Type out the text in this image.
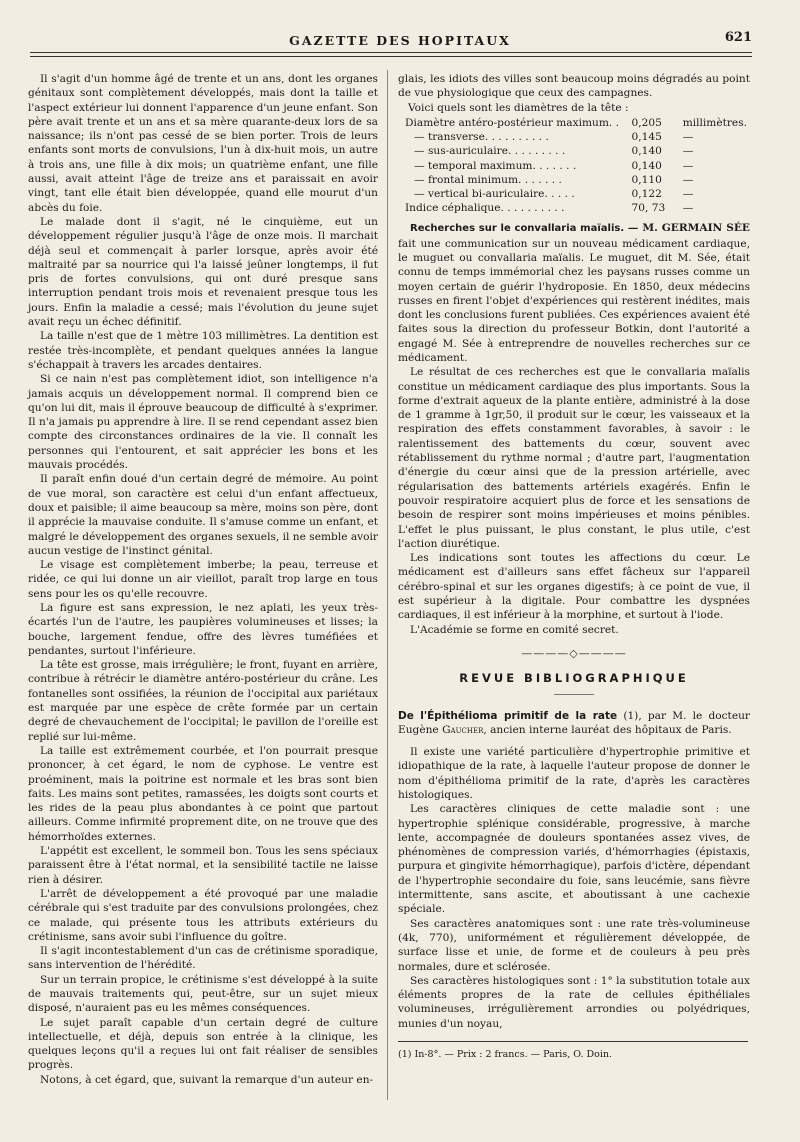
GAZETTE DES HOPITAUX	621

Il s'agit d'un homme âgé de trente et un ans, dont les organes génitaux sont complètement développés, mais dont la taille et l'aspect extérieur lui donnent l'apparence d'un jeune enfant. Son père avait trente et un ans et sa mère quarante-deux lors de sa naissance; ils n'ont pas cessé de se bien porter. Trois de leurs enfants sont morts de convulsions, l'un à dix-huit mois, un autre à trois ans, une fille à dix mois; un quatrième enfant, une fille aussi, avait atteint l'âge de treize ans et paraissait en avoir vingt, tant elle était bien développée, quand elle mourut d'un abcès du foie.

Le malade dont il s'agit, né le cinquième, eut un développement régulier jusqu'à l'âge de onze mois. Il marchait déjà seul et commençait à parler lorsque, après avoir été maltraité par sa nourrice qui l'a laissé jeûner longtemps, il fut pris de fortes convulsions, qui ont duré presque sans interruption pendant trois mois et revenaient presque tous les jours. Enfin la maladie a cessé; mais l'évolution du jeune sujet avait reçu un échec définitif.

La taille n'est que de 1 mètre 103 millimètres. La dentition est restée très-incomplète, et pendant quelques années la langue s'échappait à travers les arcades dentaires.

Si ce nain n'est pas complètement idiot, son intelligence n'a jamais acquis un développement normal. Il comprend bien ce qu'on lui dit, mais il éprouve beaucoup de difficulté à s'exprimer. Il n'a jamais pu apprendre à lire. Il se rend cependant assez bien compte des circonstances ordinaires de la vie. Il connaît les personnes qui l'entourent, et sait apprécier les bons et les mauvais procédés.

Il paraît enfin doué d'un certain degré de mémoire. Au point de vue moral, son caractère est celui d'un enfant affectueux, doux et paisible; il aime beaucoup sa mère, moins son père, dont il apprécie la mauvaise conduite. Il s'amuse comme un enfant, et malgré le développement des organes sexuels, il ne semble avoir aucun vestige de l'instinct génital.

Le visage est complètement imberbe; la peau, terreuse et ridée, ce qui lui donne un air vieillot, paraît trop large en tous sens pour les os qu'elle recouvre.

La figure est sans expression, le nez aplati, les yeux très-écartés l'un de l'autre, les paupières volumineuses et lisses; la bouche, largement fendue, offre des lèvres tuméfiées et pendantes, surtout l'inférieure.

La tête est grosse, mais irrégulière; le front, fuyant en arrière, contribue à rétrécir le diamètre antéro-postérieur du crâne. Les fontanelles sont ossifiées, la réunion de l'occipital aux pariétaux est marquée par une espèce de crête formée par un certain degré de chevauchement de l'occipital; le pavillon de l'oreille est replié sur lui-même.

La taille est extrêmement courbée, et l'on pourrait presque prononcer, à cet égard, le nom de cyphose. Le ventre est proéminent, mais la poitrine est normale et les bras sont bien faits. Les mains sont petites, ramassées, les doigts sont courts et les rides de la peau plus abondantes à ce point que partout ailleurs. Comme infirmité proprement dite, on ne trouve que des hémorrhoïdes externes.

L'appétit est excellent, le sommeil bon. Tous les sens spéciaux paraissent être à l'état normal, et la sensibilité tactile ne laisse rien à désirer.

L'arrêt de développement a été provoqué par une maladie cérébrale qui s'est traduite par des convulsions prolongées, chez ce malade, qui présente tous les attributs extérieurs du crétinisme, sans avoir subi l'influence du goître.

Il s'agit incontestablement d'un cas de crétinisme sporadique, sans intervention de l'hérédité.

Sur un terrain propice, le crétinisme s'est développé à la suite de mauvais traitements qui, peut-être, sur un sujet mieux disposé, n'auraient pas eu les mêmes conséquences.

Le sujet paraît capable d'un certain degré de culture intellectuelle, et déjà, depuis son entrée à la clinique, les quelques leçons qu'il a reçues lui ont fait réaliser de sensibles progrès.

Notons, à cet égard, que, suivant la remarque d'un auteur en-

glais, les idiots des villes sont beaucoup moins dégradés au point de vue physiologique que ceux des campagnes.

Voici quels sont les diamètres de la tête :

Diamètre antéro-postérieur maximum. .	0,205	millimètres.
— transverse. . . . . . . . . .	0,145	—
— sus-auriculaire. . . . . . . . .	0,140	—
— temporal maximum. . . . . . .	0,140	—
— frontal minimum. . . . . . .	0,110	—
— vertical bi-auriculaire. . . . .	0,122	—
Indice céphalique. . . . . . . . . .	70, 73	—

Recherches sur le convallaria maïalis. — M. GERMAIN SÉE fait une communication sur un nouveau médicament cardiaque, le muguet ou convallaria maïalis. Le muguet, dit M. Sée, était connu de temps immémorial chez les paysans russes comme un moyen certain de guérir l'hydroposie. En 1850, deux médecins russes en firent l'objet d'expériences qui restèrent inédites, mais dont les conclusions furent publiées. Ces expériences avaient été faites sous la direction du professeur Botkin, dont l'autorité a engagé M. Sée à entreprendre de nouvelles recherches sur ce médicament.

Le résultat de ces recherches est que le convallaria maïalis constitue un médicament cardiaque des plus importants. Sous la forme d'extrait aqueux de la plante entière, administré à la dose de 1 gramme à 1gr,50, il produit sur le cœur, les vaisseaux et la respiration des effets constamment favorables, à savoir : le ralentissement des battements du cœur, souvent avec rétablissement du rythme normal ; d'autre part, l'augmentation d'énergie du cœur ainsi que de la pression artérielle, avec régularisation des battements artériels exagérés. Enfin le pouvoir respiratoire acquiert plus de force et les sensations de besoin de respirer sont moins impérieuses et moins pénibles. L'effet le plus puissant, le plus constant, le plus utile, c'est l'action diurétique.

Les indications sont toutes les affections du cœur. Le médicament est d'ailleurs sans effet fâcheux sur l'appareil cérébro-spinal et sur les organes digestifs; à ce point de vue, il est supérieur à la digitale. Pour combattre les dyspnées cardiaques, il est inférieur à la morphine, et surtout à l'iode.

L'Académie se forme en comité secret.

————◇————
REVUE BIBLIOGRAPHIQUE

De l'Épithélioma primitif de la rate (1), par M. le docteur Eugène Gaucher, ancien interne lauréat des hôpitaux de Paris.

Il existe une variété particulière d'hypertrophie primitive et idiopathique de la rate, à laquelle l'auteur propose de donner le nom d'épithélioma primitif de la rate, d'après les caractères histologiques.

Les caractères cliniques de cette maladie sont : une hypertrophie splénique considérable, progressive, à marche lente, accompagnée de douleurs spontanées assez vives, de phénomènes de compression variés, d'hémorrhagies (épistaxis, purpura et gingivite hémorrhagique), parfois d'ictère, dépendant de l'hypertrophie secondaire du foie, sans leucémie, sans fièvre intermittente, sans ascite, et aboutissant à une cachexie spéciale.

Ses caractères anatomiques sont : une rate très-volumineuse (4k, 770), uniformément et régulièrement développée, de surface lisse et unie, de forme et de couleurs à peu près normales, dure et sclérosée.

Ses caractères histologiques sont : 1° la substitution totale aux éléments propres de la rate de cellules épithéliales volumineuses, irrégulièrement arrondies ou polyédriques, munies d'un noyau,

(1) In-8°. — Prix : 2 francs. — Paris, O. Doin.
